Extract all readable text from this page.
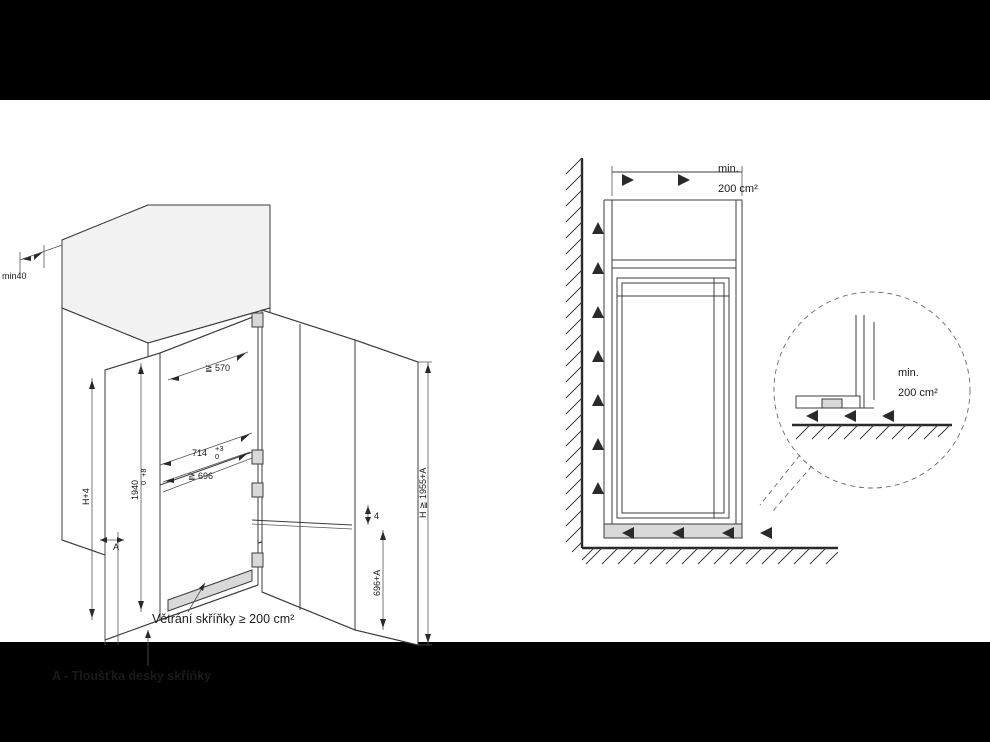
min40
≧ 570
714 +3
0
≧ 696
H+4	1940
+8
0
4
696+A
H ≧ 1955+A
A
Větrání skříňky ≥ 200 cm²
A - Tloušťka desky skříňky
min.
200 cm²
min.
200 cm²
